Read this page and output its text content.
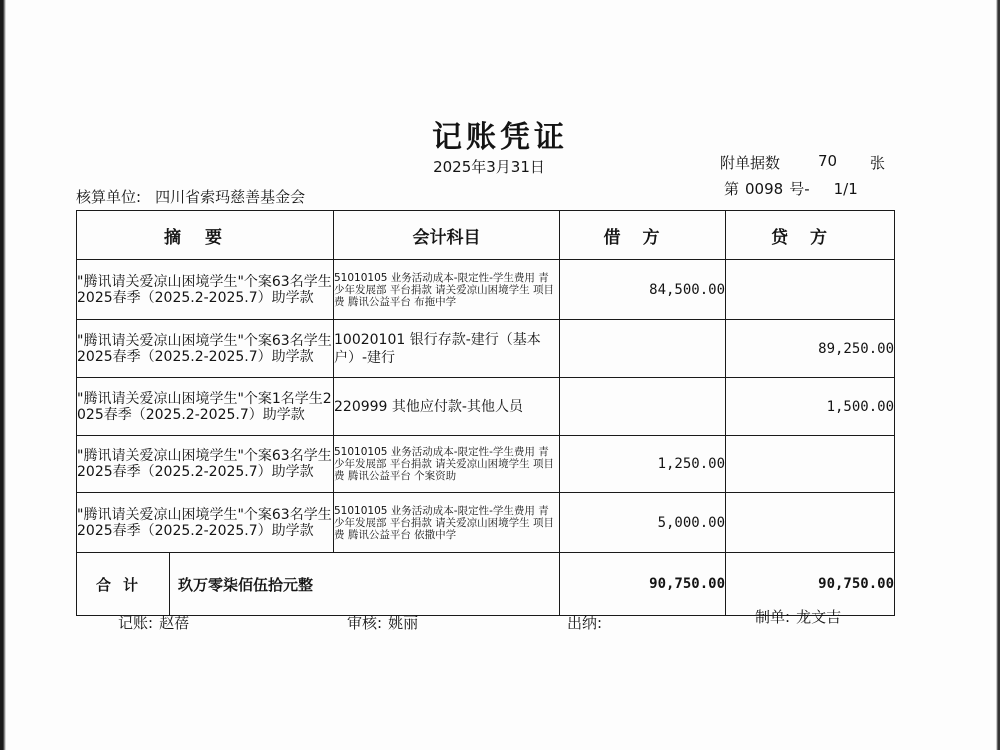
记账凭证
2025年3月31日	附单据数	70 张
第 0098 号- 1/1
核算单位: 四川省索玛慈善基金会
摘要	会计科目	借方	贷方
"腾讯请关爱凉山困境学生"个案63名学生2025春季（2025.2-2025.7）助学款	51010105 业务活动成本-限定性-学生费用 青少年发展部 平台捐款 请关爱凉山困境学生 项目费 腾讯公益平台 布拖中学	84,500.00	
"腾讯请关爱凉山困境学生"个案63名学生2025春季（2025.2-2025.7）助学款	10020101 银行存款-建行（基本户）-建行		89,250.00
"腾讯请关爱凉山困境学生"个案1名学生2025春季（2025.2-2025.7）助学款	220999 其他应付款-其他人员		1,500.00
"腾讯请关爱凉山困境学生"个案63名学生2025春季（2025.2-2025.7）助学款	51010105 业务活动成本-限定性-学生费用 青少年发展部 平台捐款 请关爱凉山困境学生 项目费 腾讯公益平台 个案资助	1,250.00	
"腾讯请关爱凉山困境学生"个案63名学生2025春季（2025.2-2025.7）助学款	51010105 业务活动成本-限定性-学生费用 青少年发展部 平台捐款 请关爱凉山困境学生 项目费 腾讯公益平台 依撒中学	5,000.00	

合计 玖万零柒佰伍拾元整		90,750.00	90,750.00
记账: 赵蓓	审核: 姚丽	出纳:	制单: 龙文吉
